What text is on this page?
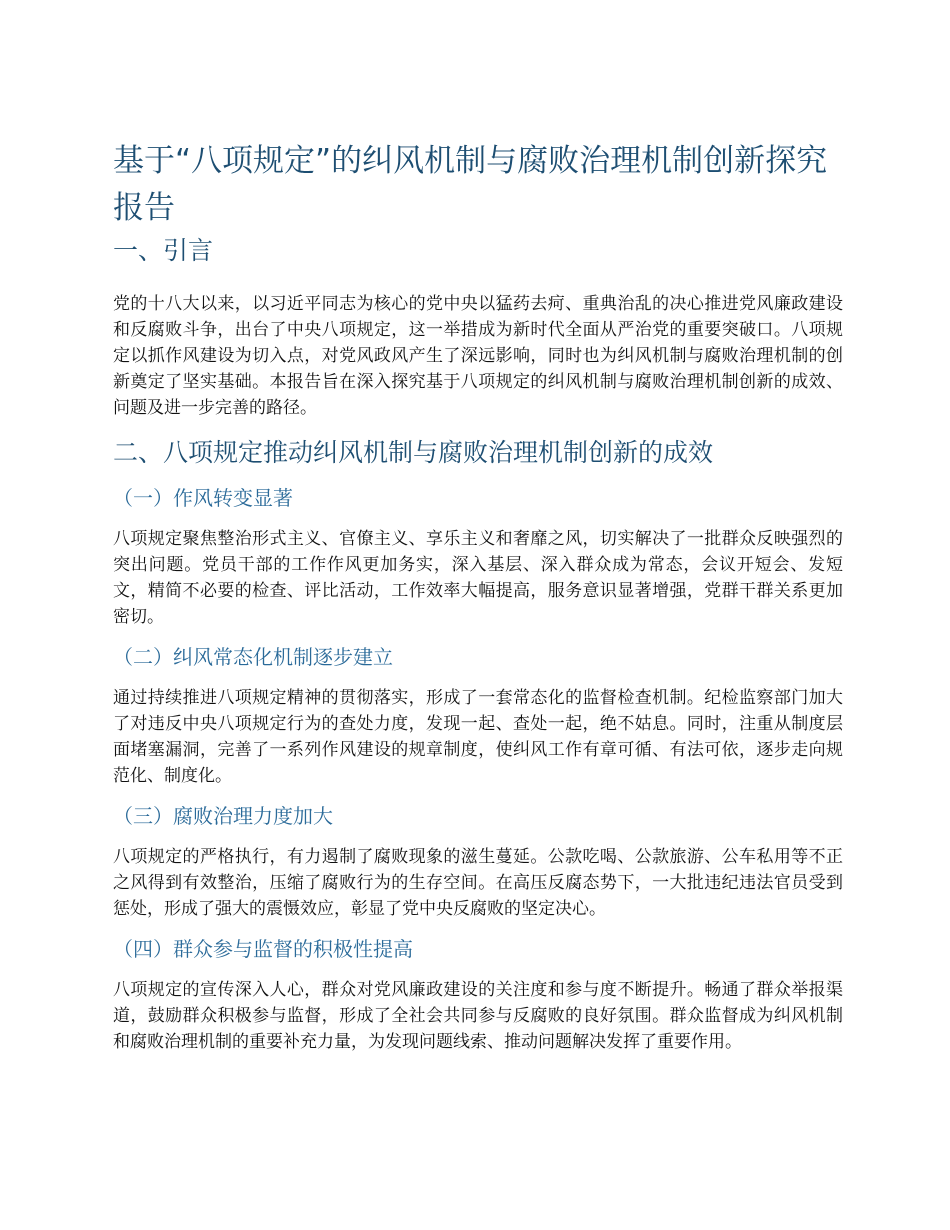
基于“八项规定”的纠风机制与腐败治理机制创新探究报告
一、引言

党的十八大以来，以习近平同志为核心的党中央以猛药去疴、重典治乱的决心推进党风廉政建设和反腐败斗争，出台了中央八项规定，这一举措成为新时代全面从严治党的重要突破口。八项规定以抓作风建设为切入点，对党风政风产生了深远影响，同时也为纠风机制与腐败治理机制的创新奠定了坚实基础。本报告旨在深入探究基于八项规定的纠风机制与腐败治理机制创新的成效、问题及进一步完善的路径。

二、八项规定推动纠风机制与腐败治理机制创新的成效
（一）作风转变显著

八项规定聚焦整治形式主义、官僚主义、享乐主义和奢靡之风，切实解决了一批群众反映强烈的突出问题。党员干部的工作作风更加务实，深入基层、深入群众成为常态，会议开短会、发短文，精简不必要的检查、评比活动，工作效率大幅提高，服务意识显著增强，党群干群关系更加密切。

（二）纠风常态化机制逐步建立

通过持续推进八项规定精神的贯彻落实，形成了一套常态化的监督检查机制。纪检监察部门加大了对违反中央八项规定行为的查处力度，发现一起、查处一起，绝不姑息。同时，注重从制度层面堵塞漏洞，完善了一系列作风建设的规章制度，使纠风工作有章可循、有法可依，逐步走向规范化、制度化。

（三）腐败治理力度加大

八项规定的严格执行，有力遏制了腐败现象的滋生蔓延。公款吃喝、公款旅游、公车私用等不正之风得到有效整治，压缩了腐败行为的生存空间。在高压反腐态势下，一大批违纪违法官员受到惩处，形成了强大的震慑效应，彰显了党中央反腐败的坚定决心。

（四）群众参与监督的积极性提高

八项规定的宣传深入人心，群众对党风廉政建设的关注度和参与度不断提升。畅通了群众举报渠道，鼓励群众积极参与监督，形成了全社会共同参与反腐败的良好氛围。群众监督成为纠风机制和腐败治理机制的重要补充力量，为发现问题线索、推动问题解决发挥了重要作用。
